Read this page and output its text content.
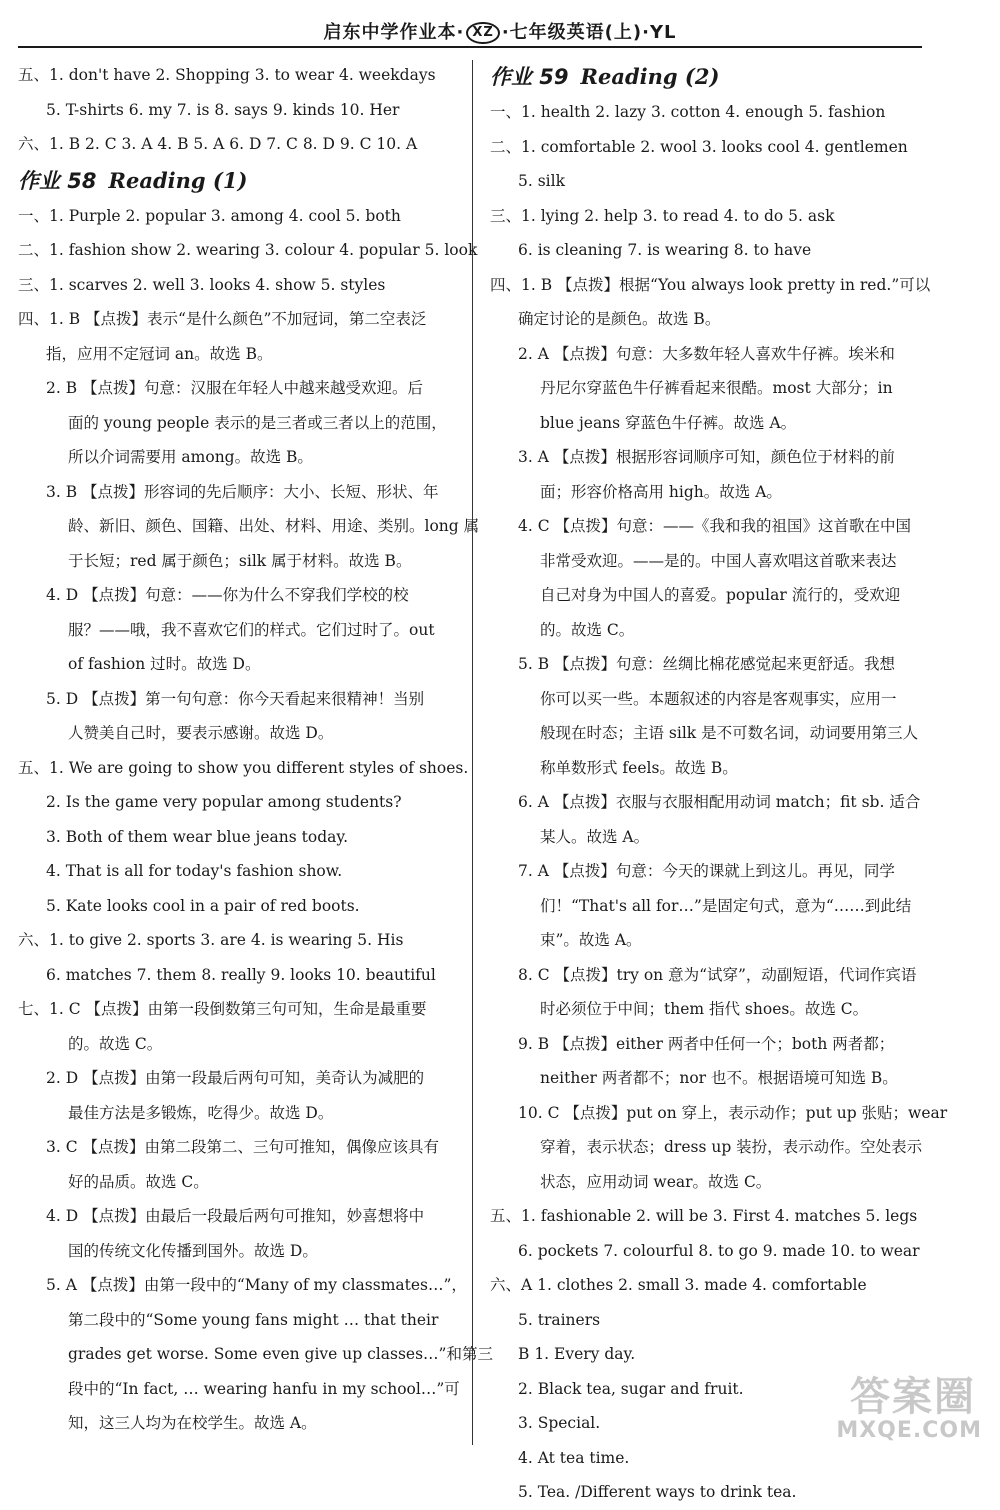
启东中学作业本· XZ ·七年级英语(上)·YL
五、1. don't have 2. Shopping 3. to wear 4. weekdays
5. T-shirts 6. my 7. is 8. says 9. kinds 10. Her
六、1. B 2. C 3. A 4. B 5. A 6. D 7. C 8. D 9. C 10. A
作业 58 Reading (1)
一、1. Purple 2. popular 3. among 4. cool 5. both
二、1. fashion show 2. wearing 3. colour 4. popular 5. look
三、1. scarves 2. well 3. looks 4. show 5. styles
四、1. B 【点拨】表示“是什么颜色”不加冠词，第二空表泛
指，应用不定冠词 an。故选 B。
2. B 【点拨】句意：汉服在年轻人中越来越受欢迎。后
面的 young people 表示的是三者或三者以上的范围，
所以介词需要用 among。故选 B。
3. B 【点拨】形容词的先后顺序：大小、长短、形状、年
龄、新旧、颜色、国籍、出处、材料、用途、类别。long 属
于长短；red 属于颜色；silk 属于材料。故选 B。
4. D 【点拨】句意：——你为什么不穿我们学校的校
服？——哦，我不喜欢它们的样式。它们过时了。out
of fashion 过时。故选 D。
5. D 【点拨】第一句句意：你今天看起来很精神！当别
人赞美自己时，要表示感谢。故选 D。
五、1. We are going to show you different styles of shoes.
2. Is the game very popular among students?
3. Both of them wear blue jeans today.
4. That is all for today's fashion show.
5. Kate looks cool in a pair of red boots.
六、1. to give 2. sports 3. are 4. is wearing 5. His
6. matches 7. them 8. really 9. looks 10. beautiful
七、1. C 【点拨】由第一段倒数第三句可知，生命是最重要
的。故选 C。
2. D 【点拨】由第一段最后两句可知，美奇认为减肥的
最佳方法是多锻炼，吃得少。故选 D。
3. C 【点拨】由第二段第二、三句可推知，偶像应该具有
好的品质。故选 C。
4. D 【点拨】由最后一段最后两句可推知，妙喜想将中
国的传统文化传播到国外。故选 D。
5. A 【点拨】由第一段中的“Many of my classmates…”，
第二段中的“Some young fans might … that their
grades get worse. Some even give up classes…”和第三
段中的“In fact, … wearing hanfu in my school…”可
知，这三人均为在校学生。故选 A。
作业 59 Reading (2)
一、1. health 2. lazy 3. cotton 4. enough 5. fashion
二、1. comfortable 2. wool 3. looks cool 4. gentlemen
5. silk
三、1. lying 2. help 3. to read 4. to do 5. ask
6. is cleaning 7. is wearing 8. to have
四、1. B 【点拨】根据“You always look pretty in red.”可以
确定讨论的是颜色。故选 B。
2. A 【点拨】句意：大多数年轻人喜欢牛仔裤。埃米和
丹尼尔穿蓝色牛仔裤看起来很酷。most 大部分；in
blue jeans 穿蓝色牛仔裤。故选 A。
3. A 【点拨】根据形容词顺序可知，颜色位于材料的前
面；形容价格高用 high。故选 A。
4. C 【点拨】句意：——《我和我的祖国》这首歌在中国
非常受欢迎。——是的。中国人喜欢唱这首歌来表达
自己对身为中国人的喜爱。popular 流行的，受欢迎
的。故选 C。
5. B 【点拨】句意：丝绸比棉花感觉起来更舒适。我想
你可以买一些。本题叙述的内容是客观事实，应用一
般现在时态；主语 silk 是不可数名词，动词要用第三人
称单数形式 feels。故选 B。
6. A 【点拨】衣服与衣服相配用动词 match；fit sb. 适合
某人。故选 A。
7. A 【点拨】句意：今天的课就上到这儿。再见，同学
们！“That's all for…”是固定句式，意为“……到此结
束”。故选 A。
8. C 【点拨】try on 意为“试穿”，动副短语，代词作宾语
时必须位于中间；them 指代 shoes。故选 C。
9. B 【点拨】either 两者中任何一个；both 两者都；
neither 两者都不；nor 也不。根据语境可知选 B。
10. C 【点拨】put on 穿上，表示动作；put up 张贴；wear
穿着，表示状态；dress up 装扮，表示动作。空处表示
状态，应用动词 wear。故选 C。
五、1. fashionable 2. will be 3. First 4. matches 5. legs
6. pockets 7. colourful 8. to go 9. made 10. to wear
六、A 1. clothes 2. small 3. made 4. comfortable
5. trainers
B 1. Every day.
2. Black tea, sugar and fruit.
3. Special.
4. At tea time.
5. Tea. /Different ways to drink tea.
答案圈
MXQE.COM
